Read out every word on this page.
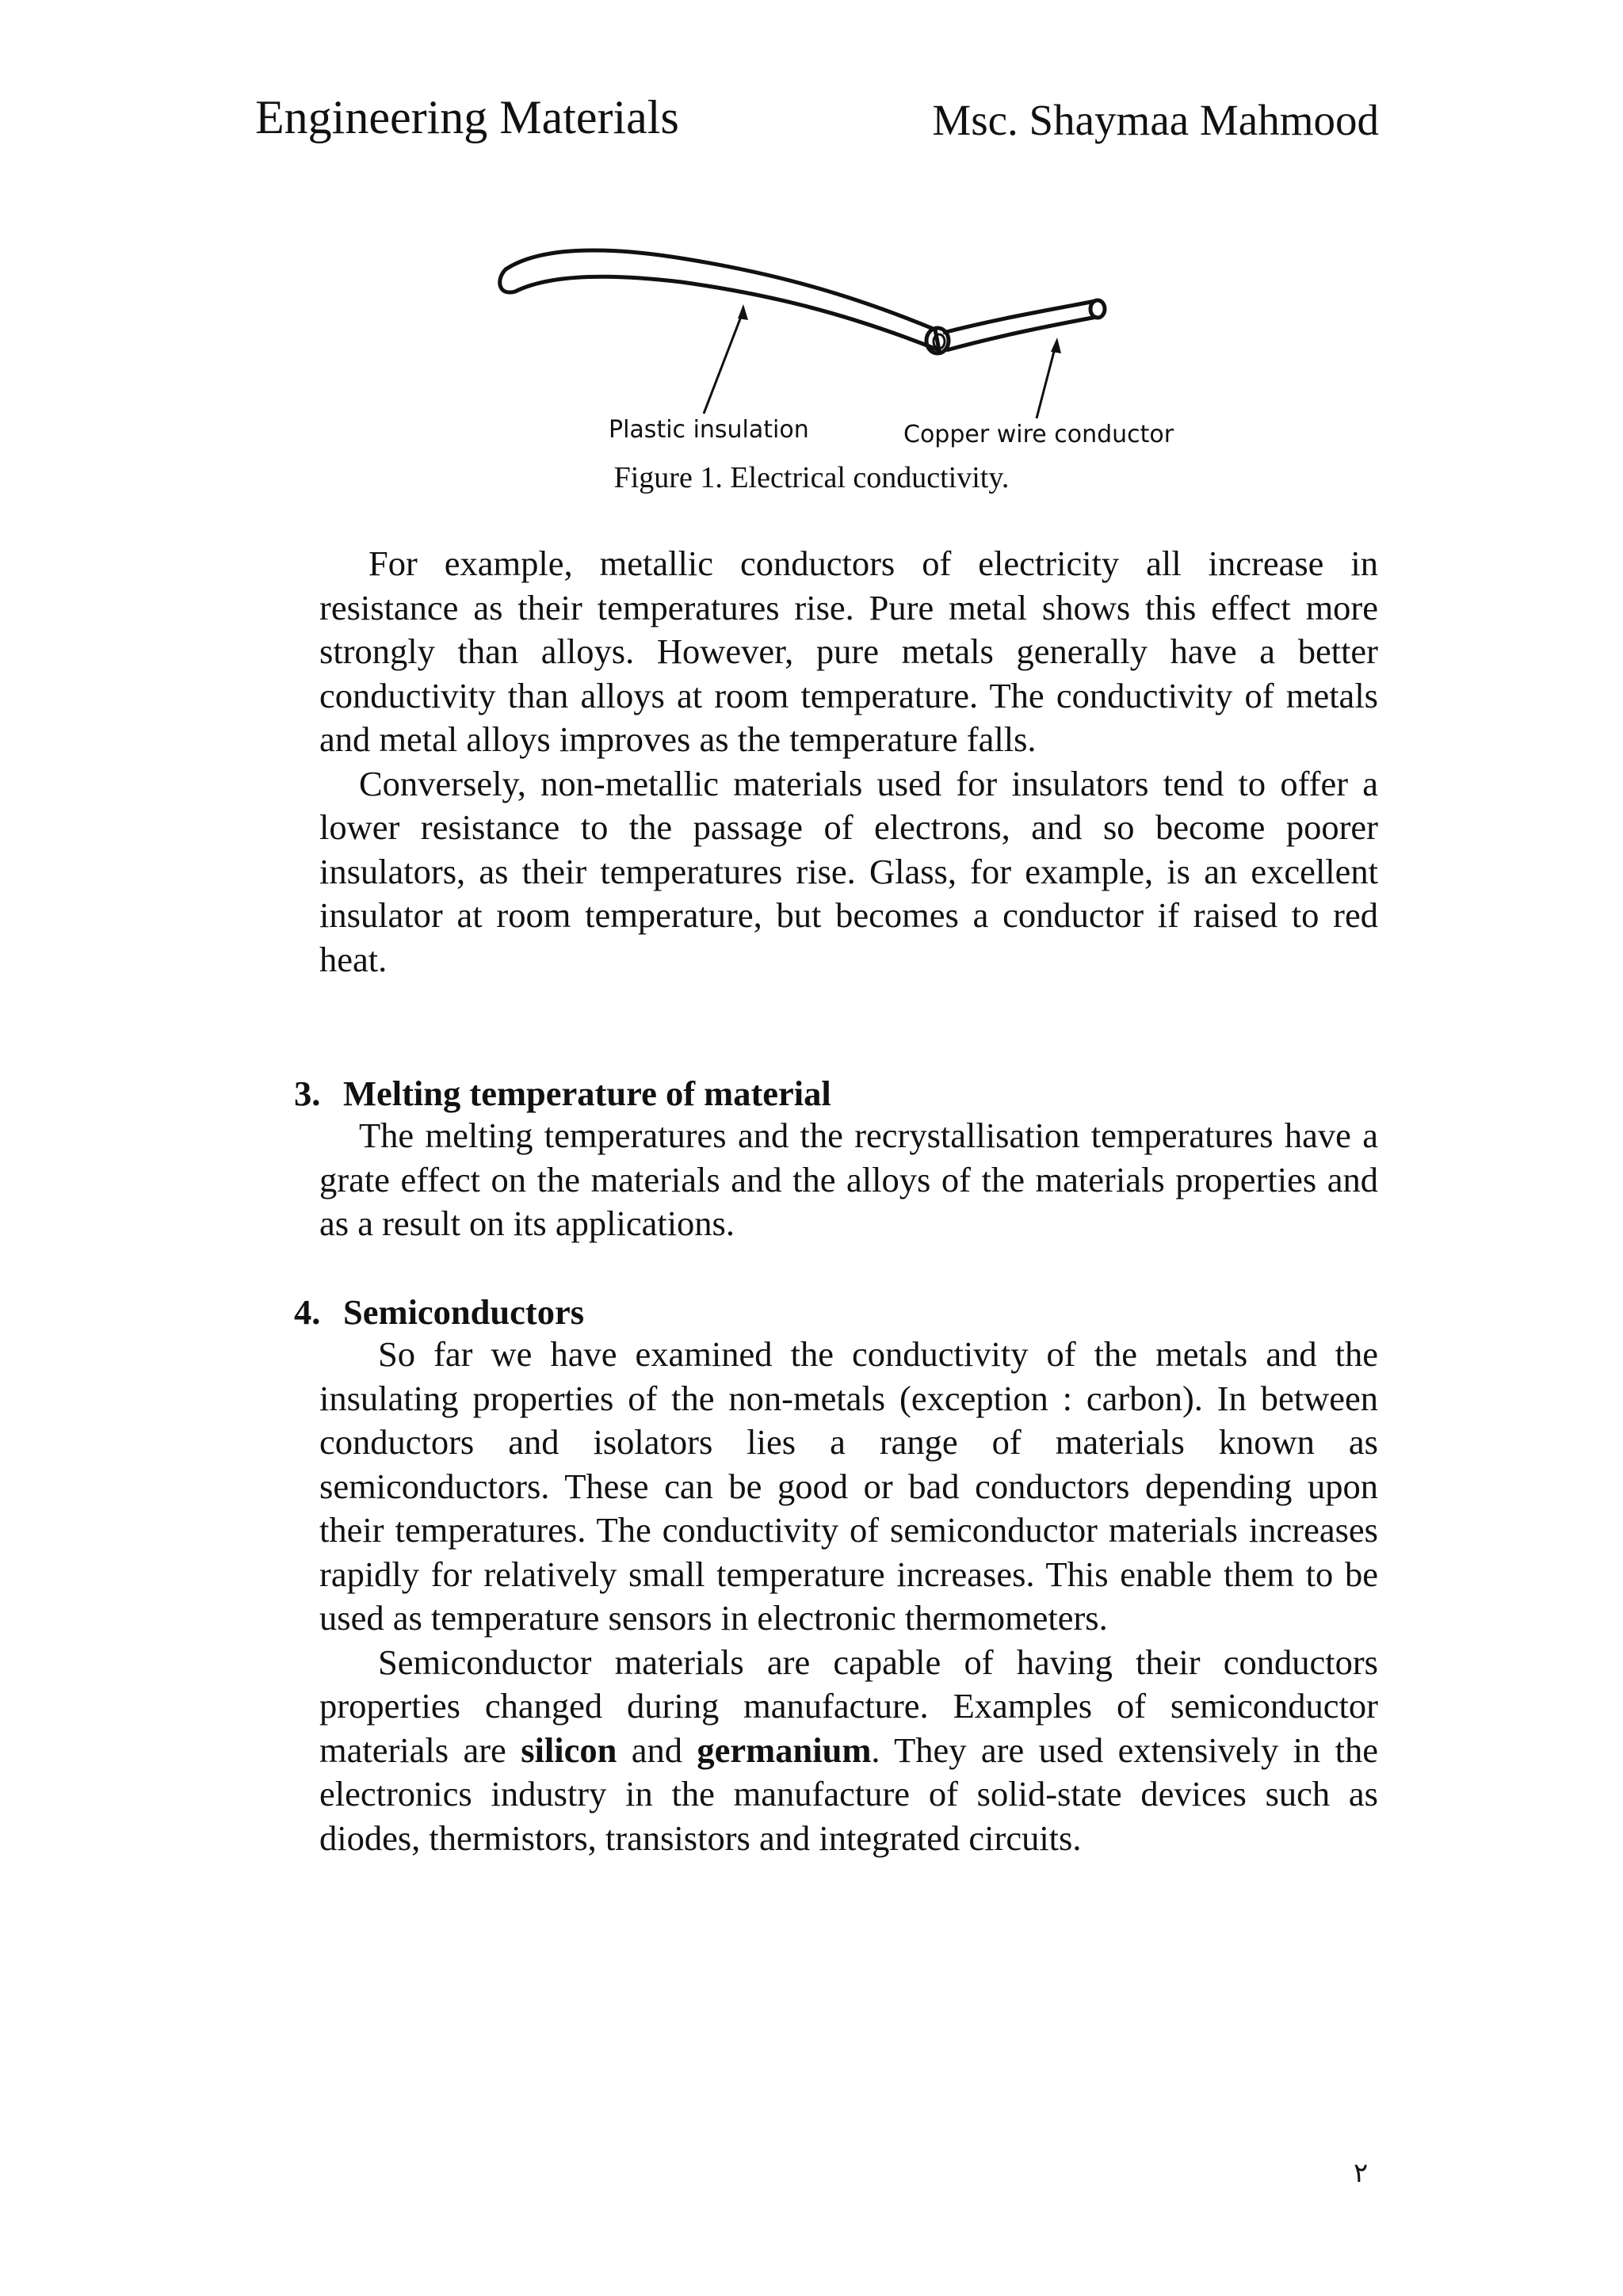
Engineering Materials	Msc. Shaymaa Mahmood
Plastic insulation	Copper wire conductor
Figure 1. Electrical conductivity.

For example, metallic conductors of electricity all increase in resistance as their temperatures rise. Pure metal shows this effect more strongly than alloys. However, pure metals generally have a better conductivity than alloys at room temperature. The conductivity of metals and metal alloys improves as the temperature falls.

Conversely, non-metallic materials used for insulators tend to offer a lower resistance to the passage of electrons, and so become poorer insulators, as their temperatures rise. Glass, for example, is an excellent insulator at room temperature, but becomes a conductor if raised to red heat.

3. Melting temperature of material

The melting temperatures and the recrystallisation temperatures have a grate effect on the materials and the alloys of the materials properties and as a result on its applications.

4. Semiconductors

So far we have examined the conductivity of the metals and the insulating properties of the non-metals (exception : carbon). In between conductors and isolators lies a range of materials known as semiconductors. These can be good or bad conductors depending upon their temperatures. The conductivity of semiconductor materials increases rapidly for relatively small temperature increases. This enable them to be used as temperature sensors in electronic thermometers.

Semiconductor materials are capable of having their conductors properties changed during manufacture. Examples of semiconductor materials are silicon and germanium. They are used extensively in the electronics industry in the manufacture of solid-state devices such as diodes, thermistors, transistors and integrated circuits.

٢
